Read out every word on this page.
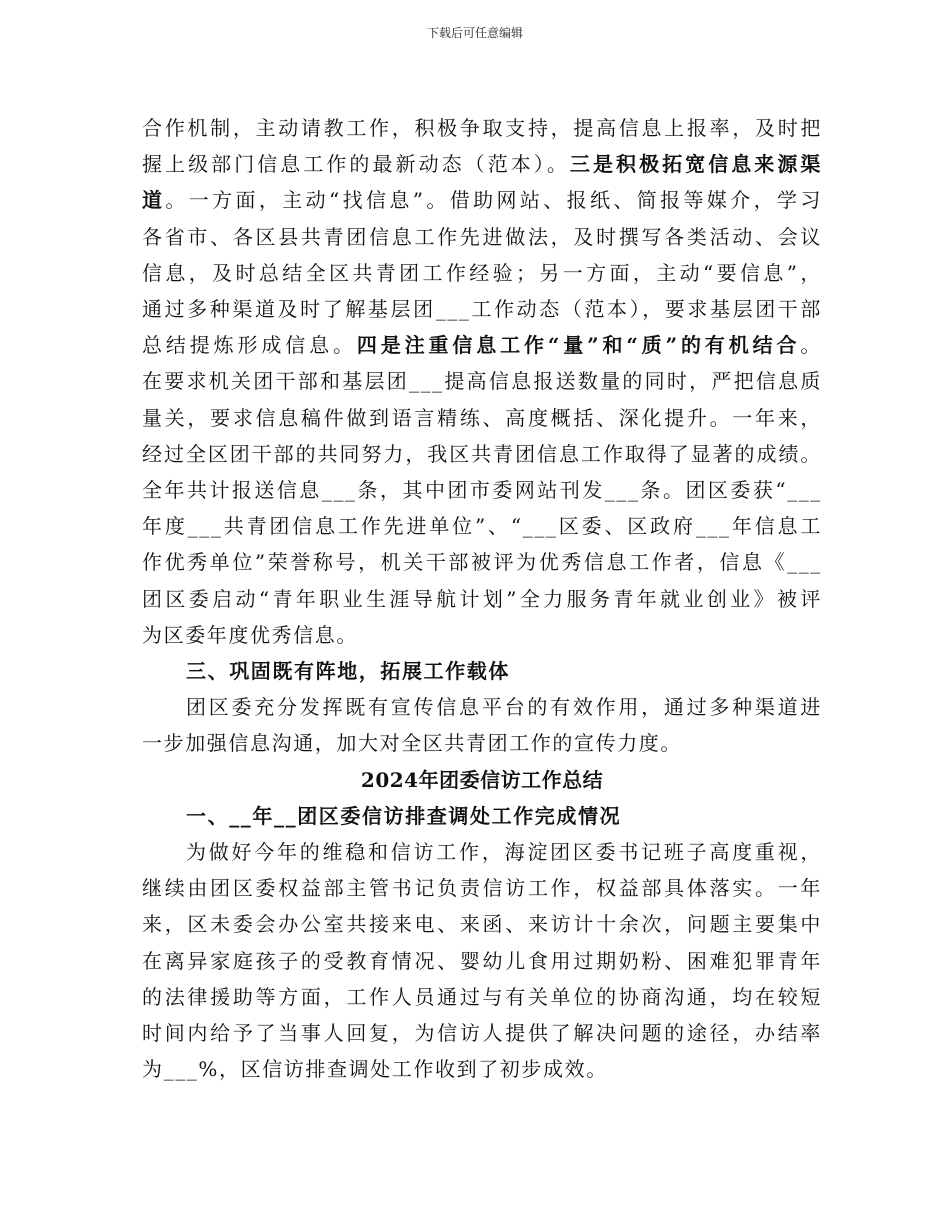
下载后可任意编辑
合作机制，主动请教工作，积极争取支持，提高信息上报率，及时把
握上级部门信息工作的最新动态（范本）。三是积极拓宽信息来源渠
道。一方面，主动“找信息”。借助网站、报纸、简报等媒介，学习
各省市、各区县共青团信息工作先进做法，及时撰写各类活动、会议
信息，及时总结全区共青团工作经验；另一方面，主动“要信息”，
通过多种渠道及时了解基层团___工作动态（范本），要求基层团干部
总结提炼形成信息。四是注重信息工作“量”和“质”的有机结合。
在要求机关团干部和基层团___提高信息报送数量的同时，严把信息质
量关，要求信息稿件做到语言精练、高度概括、深化提升。一年来，
经过全区团干部的共同努力，我区共青团信息工作取得了显著的成绩。
全年共计报送信息___条，其中团市委网站刊发___条。团区委获“___
年度___共青团信息工作先进单位”、“___区委、区政府___年信息工
作优秀单位”荣誉称号，机关干部被评为优秀信息工作者，信息《___
团区委启动“青年职业生涯导航计划”全力服务青年就业创业》被评
为区委年度优秀信息。
三、巩固既有阵地，拓展工作载体
团区委充分发挥既有宣传信息平台的有效作用，通过多种渠道进
一步加强信息沟通，加大对全区共青团工作的宣传力度。
2024年团委信访工作总结
一、__年__团区委信访排查调处工作完成情况
为做好今年的维稳和信访工作，海淀团区委书记班子高度重视，
继续由团区委权益部主管书记负责信访工作，权益部具体落实。一年
来，区未委会办公室共接来电、来函、来访计十余次，问题主要集中
在离异家庭孩子的受教育情况、婴幼儿食用过期奶粉、困难犯罪青年
的法律援助等方面，工作人员通过与有关单位的协商沟通，均在较短
时间内给予了当事人回复，为信访人提供了解决问题的途径，办结率
为___%，区信访排查调处工作收到了初步成效。
